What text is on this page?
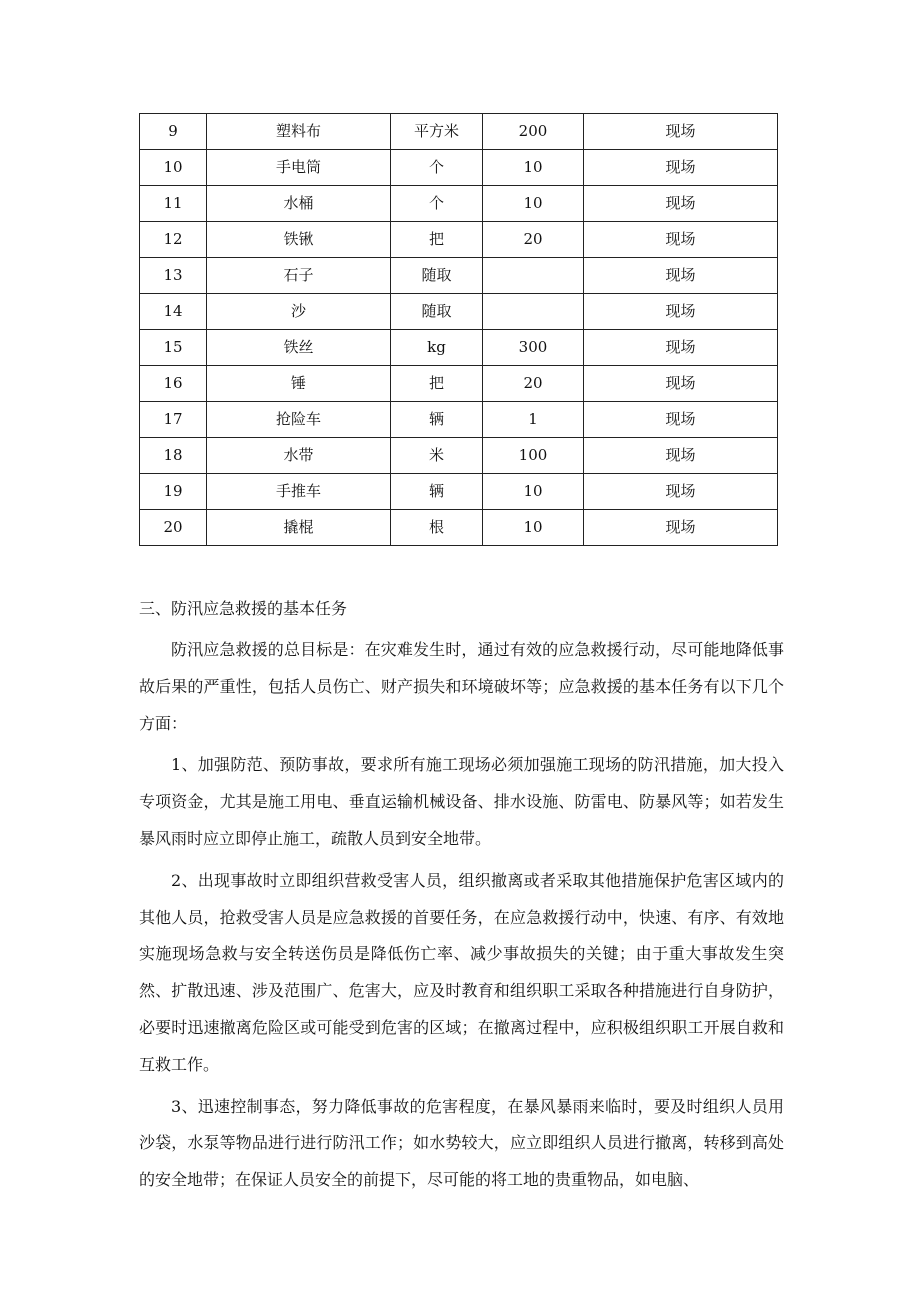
9	塑料布	平方米	200	现场
10	手电筒	个	10	现场
11	水桶	个	10	现场
12	铁锹	把	20	现场
13	石子	随取		现场
14	沙	随取		现场
15	铁丝	kg	300	现场
16	锤	把	20	现场
17	抢险车	辆	1	现场
18	水带	米	100	现场
19	手推车	辆	10	现场
20	撬棍	根	10	现场
三、防汛应急救援的基本任务

防汛应急救援的总目标是：在灾难发生时，通过有效的应急救援行动，尽可能地降低事故后果的严重性，包括人员伤亡、财产损失和环境破坏等；应急救援的基本任务有以下几个方面：

1、加强防范、预防事故，要求所有施工现场必须加强施工现场的防汛措施，加大投入专项资金，尤其是施工用电、垂直运输机械设备、排水设施、防雷电、防暴风等；如若发生暴风雨时应立即停止施工，疏散人员到安全地带。

2、出现事故时立即组织营救受害人员，组织撤离或者采取其他措施保护危害区域内的其他人员，抢救受害人员是应急救援的首要任务，在应急救援行动中，快速、有序、有效地实施现场急救与安全转送伤员是降低伤亡率、减少事故损失的关键；由于重大事故发生突然、扩散迅速、涉及范围广、危害大，应及时教育和组织职工采取各种措施进行自身防护，必要时迅速撤离危险区或可能受到危害的区域；在撤离过程中，应积极组织职工开展自救和互救工作。

3、迅速控制事态，努力降低事故的危害程度，在暴风暴雨来临时，要及时组织人员用沙袋，水泵等物品进行进行防汛工作；如水势较大，应立即组织人员进行撤离，转移到高处的安全地带；在保证人员安全的前提下，尽可能的将工地的贵重物品，如电脑、
